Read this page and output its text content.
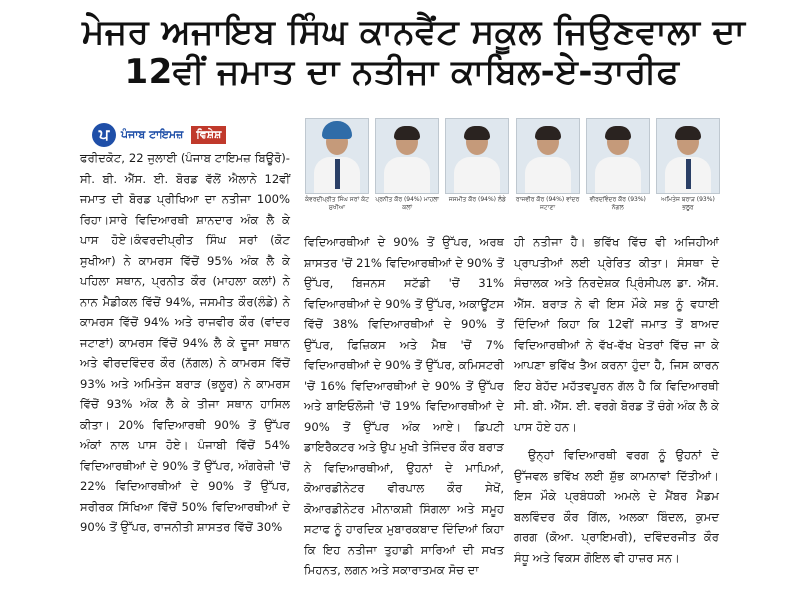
ਮੇਜਰ ਅਜਾਇਬ ਸਿੰਘ ਕਾਨਵੈਂਟ ਸਕੂਲ ਜਿਉਣਵਾਲਾ ਦਾ
12ਵੀਂ ਜਮਾਤ ਦਾ ਨਤੀਜਾ ਕਾਬਿਲ-ਏ-ਤਾਰੀਫ
ਪ	ਪੰਜਾਬ ਟਾਇਮਜ਼	ਵਿਸ਼ੇਸ਼
ਕੰਵਰਦੀਪ੍ਰੀਤ ਸਿੰਘ ਸਰਾਂ ਕੋਟ ਸੁਖੀਆ
ਪ੍ਰਨੀਤ ਕੌਰ (94%) ਮਾਹਲਾ ਕਲਾਂ
ਜਸਮੀਤ ਕੌਰ (94%) ਲੰਡੇ	ਰਾਜਵੀਰ ਕੌਰ (94%) ਵਾਂਦਰ ਜਟਾਣਾ
ਵੀਰਦਵਿੰਦਰ ਕੌਰ (93%) ਨੱਗਲ
ਅਮਿਤੇਜ ਬਰਾੜ (93%) ਭਲੂਰ

ਫਰੀਦਕੋਟ, 22 ਜੁਲਾਈ (ਪੰਜਾਬ ਟਾਇਮਜ਼ ਬਿਊਰੋ)- ਸੀ. ਬੀ. ਐੱਸ. ਈ. ਬੋਰਡ ਵੱਲੋਂ ਐਲਾਨੇ 12ਵੀਂ ਜਮਾਤ ਦੀ ਬੋਰਡ ਪ੍ਰੀਖਿਆ ਦਾ ਨਤੀਜਾ 100% ਰਿਹਾ।ਸਾਰੇ ਵਿਦਿਆਰਥੀ ਸ਼ਾਨਦਾਰ ਅੰਕ ਲੈ ਕੇ ਪਾਸ ਹੋਏ।ਕੰਵਰਦੀਪ੍ਰੀਤ ਸਿੰਘ ਸਰਾਂ (ਕੋਟ ਸੁਖੀਆ) ਨੇ ਕਾਮਰਸ ਵਿੱਚੋਂ 95% ਅੰਕ ਲੈ ਕੇ ਪਹਿਲਾ ਸਥਾਨ, ਪ੍ਰਨੀਤ ਕੌਰ (ਮਾਹਲਾ ਕਲਾਂ) ਨੇ ਨਾਨ ਮੈਡੀਕਲ ਵਿੱਚੋਂ 94%, ਜਸਮੀਤ ਕੌਰ(ਲੰਡੇ) ਨੇ ਕਾਮਰਸ ਵਿੱਚੋਂ 94% ਅਤੇ ਰਾਜਵੀਰ ਕੌਰ (ਵਾਂਦਰ ਜਟਾਣਾਂ) ਕਾਮਰਸ ਵਿੱਚੋਂ 94% ਲੈ ਕੇ ਦੂਜਾ ਸਥਾਨ ਅਤੇ ਵੀਰਦਵਿੰਦਰ ਕੌਰ (ਨੱਗਲ) ਨੇ ਕਾਮਰਸ ਵਿੱਚੋਂ 93% ਅਤੇ ਅਮਿਤੇਜ ਬਰਾੜ (ਭਲੂਰ) ਨੇ ਕਾਮਰਸ ਵਿੱਚੋਂ 93% ਅੰਕ ਲੈ ਕੇ ਤੀਜਾ ਸਥਾਨ ਹਾਸਿਲ ਕੀਤਾ। 20% ਵਿਦਿਆਰਥੀ 90% ਤੋਂ ਉੱਪਰ ਅੰਕਾਂ ਨਾਲ ਪਾਸ ਹੋਏ। ਪੰਜਾਬੀ ਵਿੱਚੋਂ 54% ਵਿਦਿਆਰਥੀਆਂ ਦੇ 90% ਤੋਂ ਉੱਪਰ, ਅੰਗਰੇਜ਼ੀ 'ਚੋਂ 22% ਵਿਦਿਆਰਥੀਆਂ ਦੇ 90% ਤੋਂ ਉੱਪਰ, ਸਰੀਰਕ ਸਿੱਖਿਆ ਵਿੱਚੋਂ 50% ਵਿਦਿਆਰਥੀਆਂ ਦੇ 90% ਤੋਂ ਉੱਪਰ, ਰਾਜਨੀਤੀ ਸ਼ਾਸਤਰ ਵਿੱਚੋਂ 30%

ਵਿਦਿਆਰਥੀਆਂ ਦੇ 90% ਤੋਂ ਉੱਪਰ, ਅਰਥ ਸ਼ਾਸਤਰ 'ਚੋਂ 21% ਵਿਦਿਆਰਥੀਆਂ ਦੇ 90% ਤੋਂ ਉੱਪਰ, ਬਿਜਨਸ ਸਟੱਡੀ 'ਚੋਂ 31% ਵਿਦਿਆਰਥੀਆਂ ਦੇ 90% ਤੋਂ ਉੱਪਰ, ਅਕਾਊਂਟਸ ਵਿੱਚੋਂ 38% ਵਿਦਿਆਰਥੀਆਂ ਦੇ 90% ਤੋਂ ਉੱਪਰ, ਫਿਜ਼ਿਕਸ ਅਤੇ ਮੈਥ 'ਚੋਂ 7% ਵਿਦਿਆਰਥੀਆਂ ਦੇ 90% ਤੋਂ ਉੱਪਰ, ਕਮਿਸਟਰੀ 'ਚੋਂ 16% ਵਿਦਿਆਰਥੀਆਂ ਦੇ 90% ਤੋਂ ਉੱਪਰ ਅਤੇ ਬਾਇਓਲੋਜੀ 'ਚੋਂ 19% ਵਿਦਿਆਰਥੀਆਂ ਦੇ 90% ਤੋਂ ਉੱਪਰ ਅੰਕ ਆਏ। ਡਿਪਟੀ ਡਾਇਰੈਕਟਰ ਅਤੇ ਉਪ ਮੁਖੀ ਤੇਜਿੰਦਰ ਕੌਰ ਬਰਾੜ ਨੇ ਵਿਦਿਆਰਥੀਆਂ, ਉਹਨਾਂ ਦੇ ਮਾਪਿਆਂ, ਕੋਆਰਡੀਨੇਟਰ ਵੀਰਪਾਲ ਕੌਰ ਸੇਖੋਂ, ਕੋਆਰਡੀਨੇਟਰ ਮੀਨਾਕਸ਼ੀ ਸਿੰਗਲਾ ਅਤੇ ਸਮੂਹ ਸਟਾਫ ਨੂੰ ਹਾਰਦਿਕ ਮੁਬਾਰਕਬਾਦ ਦਿੰਦਿਆਂ ਕਿਹਾ ਕਿ ਇਹ ਨਤੀਜਾ ਤੁਹਾਡੀ ਸਾਰਿਆਂ ਦੀ ਸਖਤ ਮਿਹਨਤ, ਲਗਨ ਅਤੇ ਸਕਾਰਾਤਮਕ ਸੋਚ ਦਾ

ਹੀ ਨਤੀਜਾ ਹੈ। ਭਵਿੱਖ ਵਿੱਚ ਵੀ ਅਜਿਹੀਆਂ ਪ੍ਰਾਪਤੀਆਂ ਲਈ ਪ੍ਰੇਰਿਤ ਕੀਤਾ। ਸੰਸਥਾ ਦੇ ਸੰਚਾਲਕ ਅਤੇ ਨਿਰਦੇਸ਼ਕ ਪ੍ਰਿੰਸੀਪਲ ਡਾ. ਐੱਸ. ਐੱਸ. ਬਰਾੜ ਨੇ ਵੀ ਇਸ ਮੌਕੇ ਸਭ ਨੂੰ ਵਧਾਈ ਦਿੰਦਿਆਂ ਕਿਹਾ ਕਿ 12ਵੀਂ ਜਮਾਤ ਤੋਂ ਬਾਅਦ ਵਿਦਿਆਰਥੀਆਂ ਨੇ ਵੱਖ-ਵੱਖ ਖੇਤਰਾਂ ਵਿੱਚ ਜਾ ਕੇ ਆਪਣਾ ਭਵਿੱਖ ਤੈਅ ਕਰਨਾ ਹੁੰਦਾ ਹੈ, ਜਿਸ ਕਾਰਨ ਇਹ ਬੇਹੱਦ ਮਹੱਤਵਪੂਰਨ ਗੱਲ ਹੈ ਕਿ ਵਿਦਿਆਰਥੀ ਸੀ. ਬੀ. ਐੱਸ. ਈ. ਵਰਗੇ ਬੋਰਡ ਤੋਂ ਚੰਗੇ ਅੰਕ ਲੈ ਕੇ ਪਾਸ ਹੋਏ ਹਨ।

ਉਨ੍ਹਾਂ ਵਿਦਿਆਰਥੀ ਵਰਗ ਨੂੰ ਉਹਨਾਂ ਦੇ ਉੱਜਵਲ ਭਵਿੱਖ ਲਈ ਸ਼ੁੱਭ ਕਾਮਨਾਵਾਂ ਦਿੱਤੀਆਂ। ਇਸ ਮੌਕੇ ਪ੍ਰਬੰਧਕੀ ਅਮਲੇ ਦੇ ਮੈਂਬਰ ਮੈਡਮ ਬਲਵਿੰਦਰ ਕੌਰ ਗਿੱਲ, ਅਲਕਾ ਬਿੰਦਲ, ਕੁਮਦ ਗਰਗ (ਕੋਆ. ਪ੍ਰਾਇਮਰੀ), ਦਵਿੰਦਰਜੀਤ ਕੌਰ ਸੰਧੂ ਅਤੇ ਵਿਕਸ ਗੋਇਲ ਵੀ ਹਾਜ਼ਰ ਸਨ।
